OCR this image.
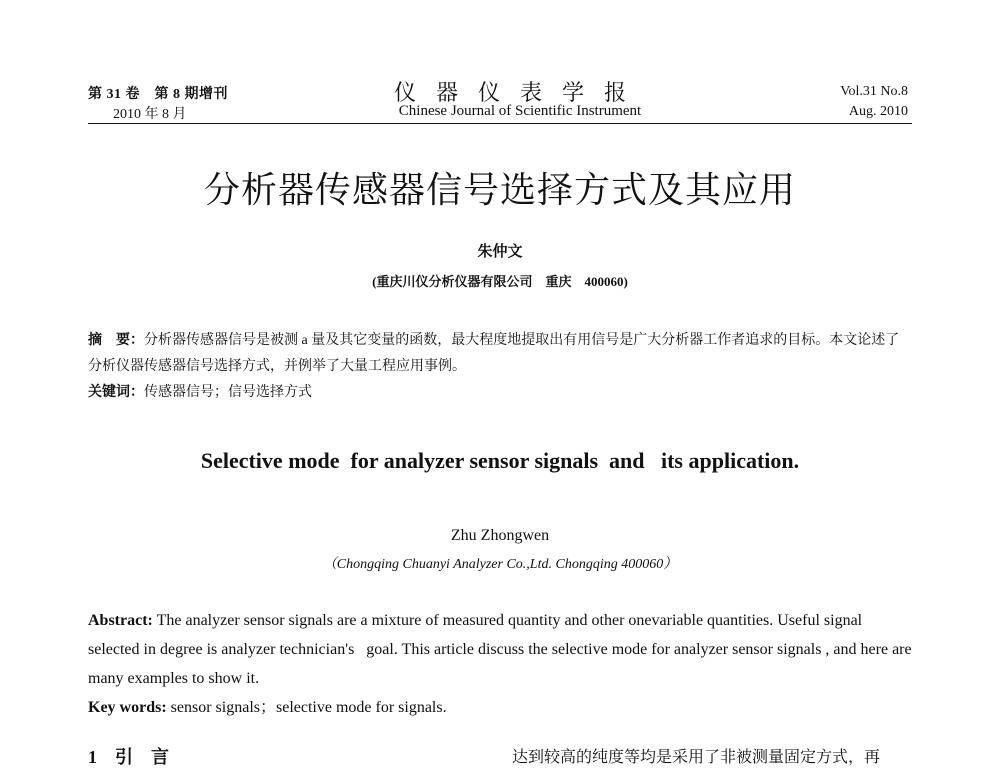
第 31 卷　第 8 期增刊
2010 年 8 月
仪器仪表学报
Chinese Journal of Scientific Instrument
Vol.31 No.8
Aug. 2010
分析器传感器信号选择方式及其应用
朱仲文
(重庆川仪分析仪器有限公司　重庆　400060)
摘　要：分析器传感器信号是被测 a 量及其它变量的函数，最大程度地提取出有用信号是广大分析器工作者追求的目标。本文论述了分析仪器传感器信号选择方式，并例举了大量工程应用事例。
关键词：传感器信号；信号选择方式
Selective mode  for analyzer sensor signals  and   its application.
Zhu Zhongwen
（Chongqing Chuanyi Analyzer Co.,Ltd. Chongqing 400060）
Abstract: The analyzer sensor signals are a mixture of measured quantity and other onevariable quantities. Useful signal selected in degree is analyzer technician's   goal. This article discuss the selective mode for analyzer sensor signals , and here are many examples to show it.
Key words: sensor signals；selective mode for signals.
1　引　言	达到较高的纯度等均是采用了非被测量固定方式，再
